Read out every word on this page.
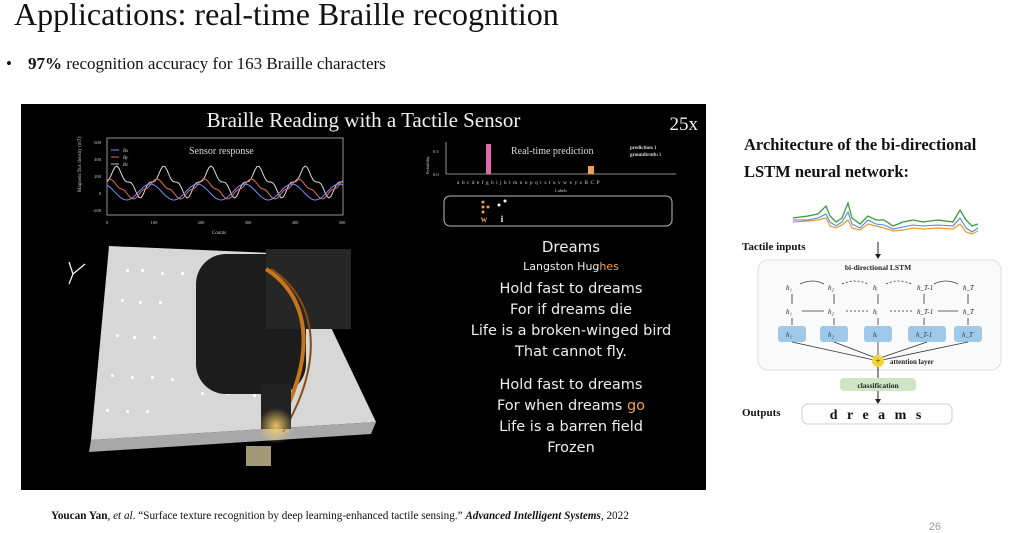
Applications: real-time Braille recognition
• 97% recognition accuracy for 163 Braille characters
Magnetic flux density (mT)	600
400
200
0
-200
0	100	200	300	400	500
Counts
Sensor response
Bx
By
Bz	Probability
0.5
0.0
Real-time prediction	prediction: i
groundtruth: i
a b c d e f g h i j k l m n o p q r s t u v w x y z B C P
Labels
w i
Braille Reading with a Tactile Sensor	25x
Dreams
Langston Hughes
Hold fast to dreams
For if dreams die
Life is a broken-winged bird
That cannot fly.
Hold fast to dreams
For when dreams go
Life is a barren field
Frozen
Architecture of the bi-directional
LSTM neural network:
Tactile inputs
bi-directional LSTM
h₁	h₂	hᵢ	h_T-1	h_T
h₁	h₂	hᵢ	h_T-1	h_T
h₁	h₂	hᵢ	h_T-1	h_T
+ attention layer
classification
Outputs	d r e a m s
Youcan Yan, et al. “Surface texture recognition by deep learning-enhanced tactile sensing.” Advanced Intelligent Systems, 2022
26
